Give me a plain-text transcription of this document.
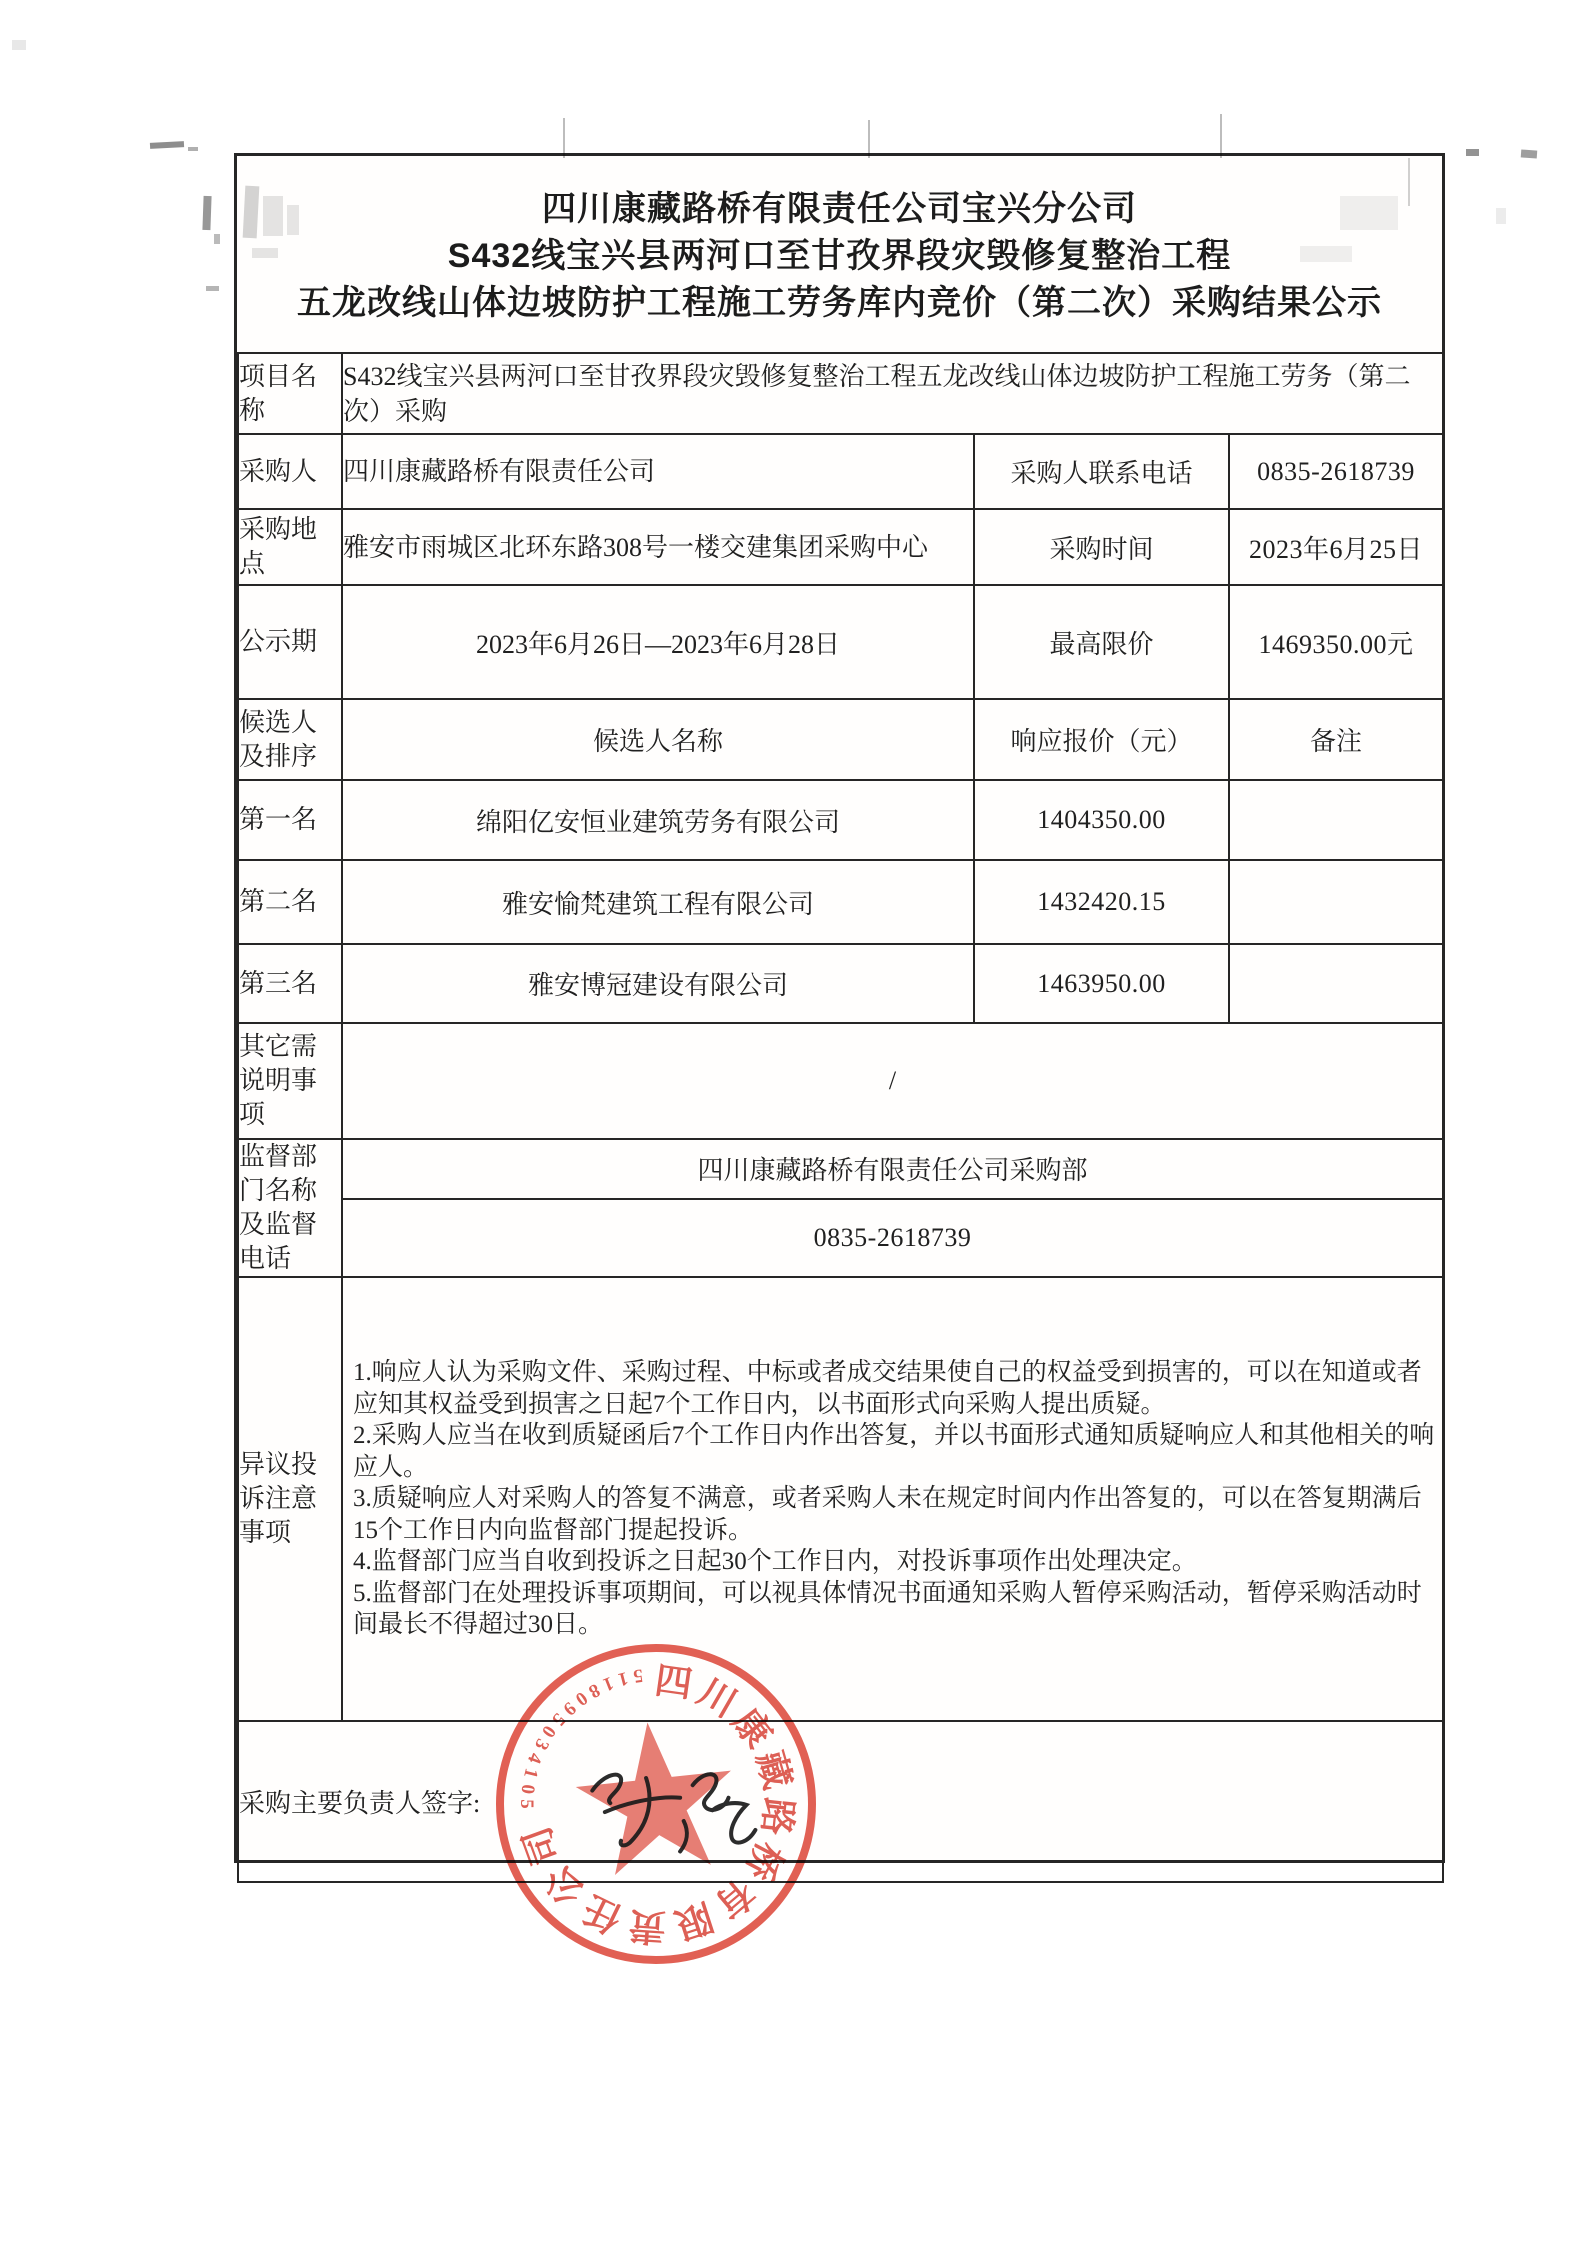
四川康藏路桥有限责任公司宝兴分公司
S432线宝兴县两河口至甘孜界段灾毁修复整治工程
五龙改线山体边坡防护工程施工劳务库内竞价（第二次）采购结果公示
项目名称	S432线宝兴县两河口至甘孜界段灾毁修复整治工程五龙改线山体边坡防护工程施工劳务（第二次）采购		

采购人	四川康藏路桥有限责任公司	采购人联系电话	0835-2618739

采购地点	雅安市雨城区北环东路308号一楼交建集团采购中心	采购时间	2023年6月25日

公示期	2023年6月26日—2023年6月28日	最高限价	1469350.00元

候选人及排序	候选人名称	响应报价（元）	备注

第一名	绵阳亿安恒业建筑劳务有限公司	1404350.00	

第二名	雅安愉梵建筑工程有限公司	1432420.15	

第三名	雅安博冠建设有限公司	1463950.00	

其它需说明事项	/		

监督部门名称及监督电话	四川康藏路桥有限责任公司采购部		
	0835-2618739		

异议投诉注意事项	1.响应人认为采购文件、采购过程、中标或者成交结果使自己的权益受到损害的，可以在知道或者应知其权益受到损害之日起7个工作日内，以书面形式向采购人提出质疑。
2.采购人应当在收到质疑函后7个工作日内作出答复，并以书面形式通知质疑响应人和其他相关的响应人。
3.质疑响应人对采购人的答复不满意，或者采购人未在规定时间内作出答复的，可以在答复期满后15个工作日内向监督部门提起投诉。
4.监督部门应当自收到投诉之日起30个工作日内，对投诉事项作出处理决定。
5.监督部门在处理投诉事项期间，可以视具体情况书面通知采购人暂停采购活动，暂停采购活动时间最长不得超过30日。		

采购主要负责人签字:			
四
川
康
藏
路
桥
有
限
责
任
公
司
5
1
1
8
0
9
5
0
3
4
1
0
5
